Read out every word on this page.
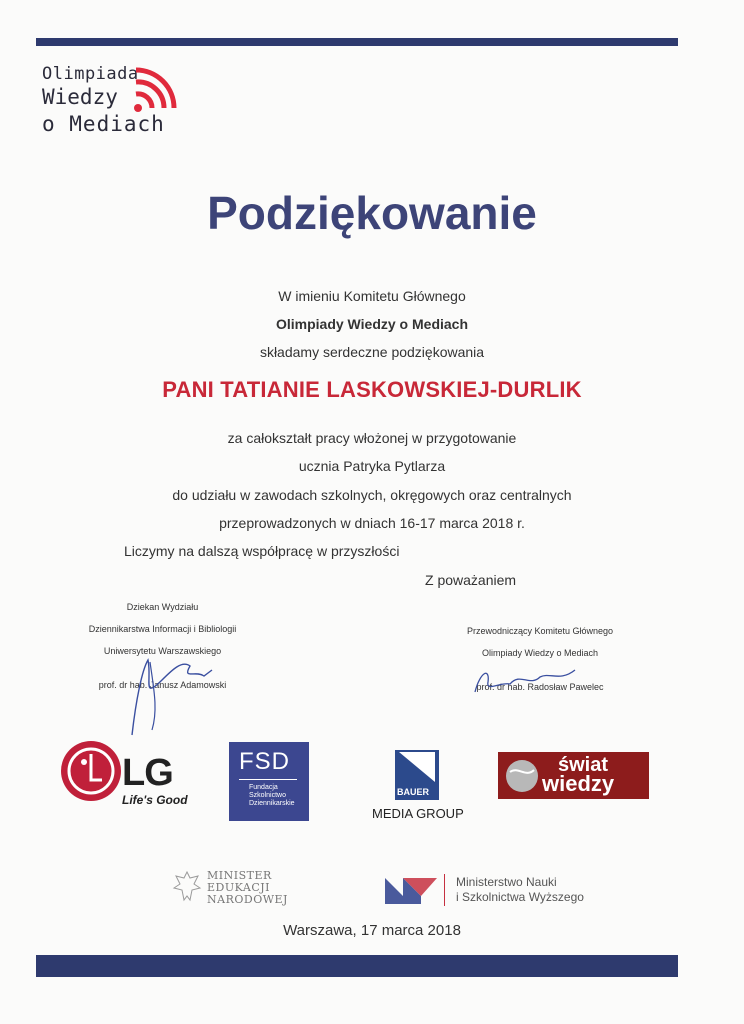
Olimpiada
Wiedzy
o Mediach
Podziękowanie
W imieniu Komitetu Głównego
Olimpiady Wiedzy o Mediach
składamy serdeczne podziękowania
PANI TATIANIE LASKOWSKIEJ-DURLIK
za całokształt pracy włożonej w przygotowanie
ucznia Patryka Pytlarza
do udziału w zawodach szkolnych, okręgowych oraz centralnych
przeprowadzonych w dniach 16-17 marca 2018 r.
Liczymy na dalszą współpracę w przyszłości
Z poważaniem
Dziekan Wydziału
Dziennikarstwa Informacji i Bibliologii
Uniwersytetu Warszawskiego
prof. dr hab. Janusz Adamowski
Przewodniczący Komitetu Głównego
Olimpiady Wiedzy o Mediach
prof. dr hab. Radosław Pawelec
LG
Life's Good
FSD
Fundacja
Szkolnictwo
Dziennikarskie
BAUER
MEDIA GROUP
świat
wiedzy
MINISTER
EDUKACJI
NARODOWEJ
Ministerstwo Nauki
i Szkolnictwa Wyższego
Warszawa, 17 marca 2018
